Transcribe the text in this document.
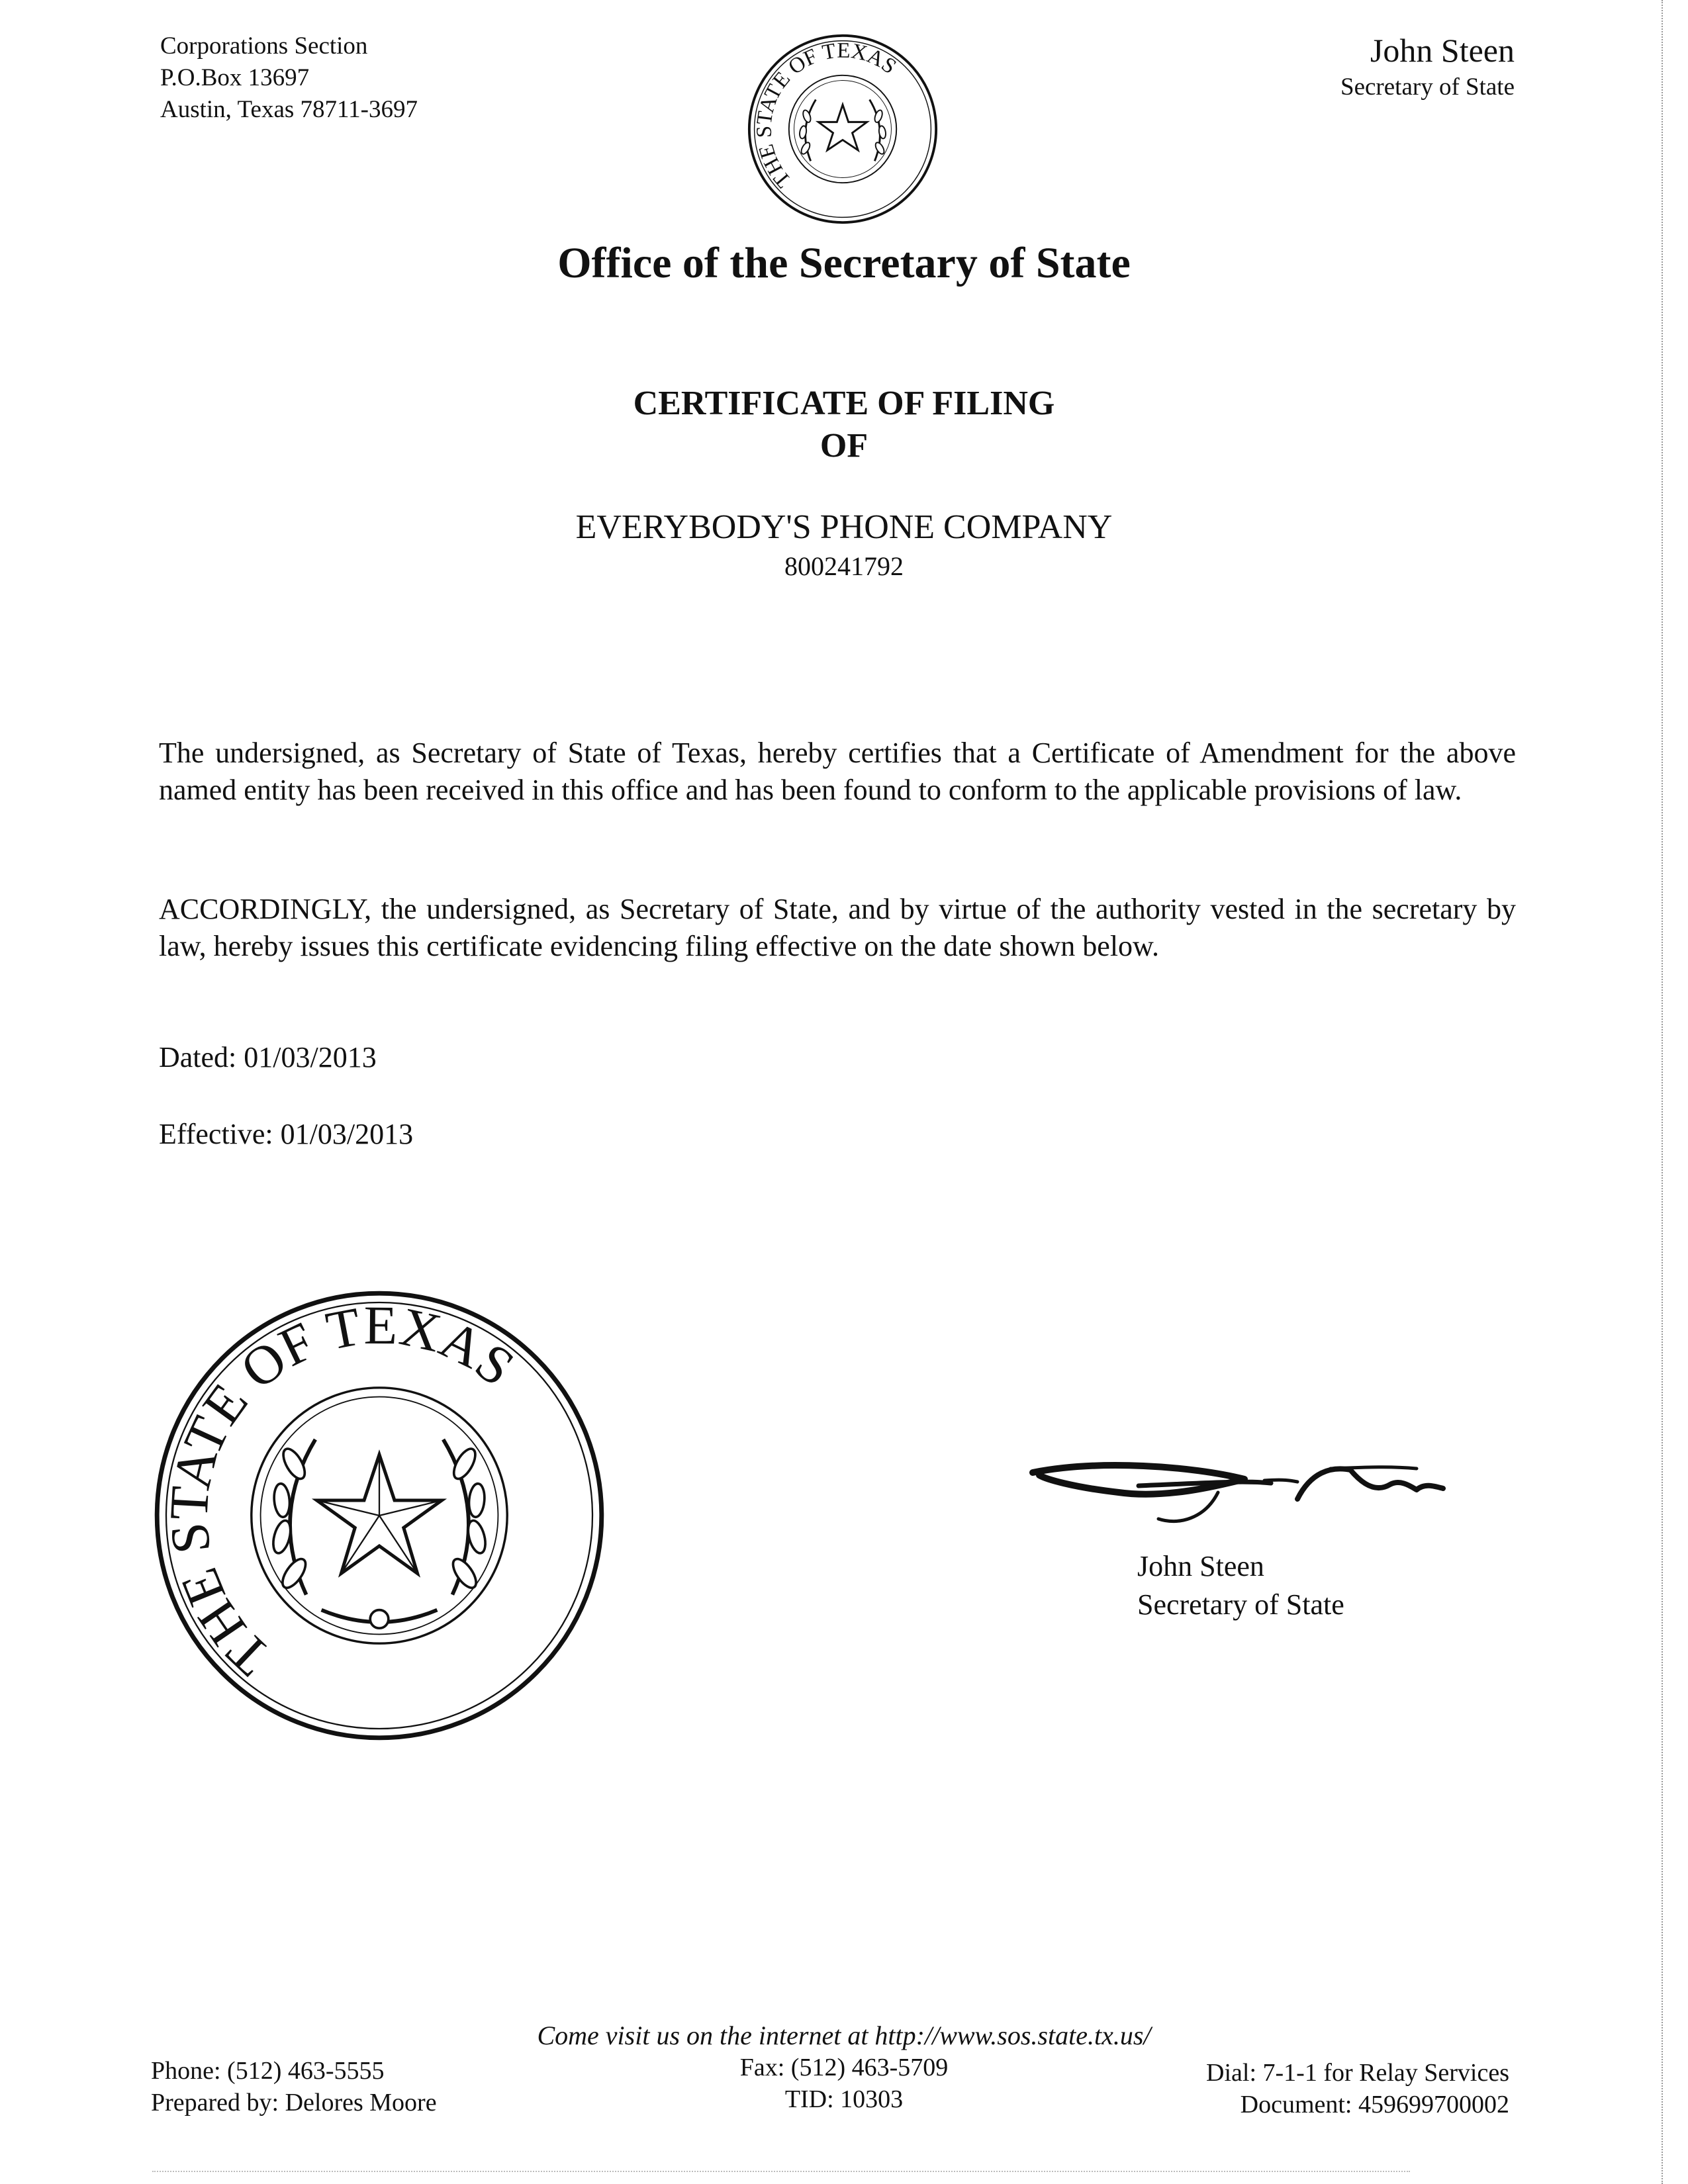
Corporations Section
P.O.Box 13697
Austin, Texas 78711-3697
John Steen
Secretary of State
THE STATE OF TEXAS
Office of the Secretary of State
CERTIFICATE OF FILING
OF
EVERYBODY'S PHONE COMPANY
800241792
The undersigned, as Secretary of State of Texas, hereby certifies that a Certificate of Amendment for the above named entity has been received in this office and has been found to conform to the applicable provisions of law.
ACCORDINGLY, the undersigned, as Secretary of State, and by virtue of the authority vested in the secretary by law, hereby issues this certificate evidencing filing effective on the date shown below.
Dated: 01/03/2013
Effective: 01/03/2013
THE STATE OF TEXAS
John Steen
Secretary of State
Come visit us on the internet at http://www.sos.state.tx.us/
Fax: (512) 463-5709
TID: 10303
Phone: (512) 463-5555
Prepared by: Delores Moore
Dial: 7-1-1 for Relay Services
Document: 459699700002
